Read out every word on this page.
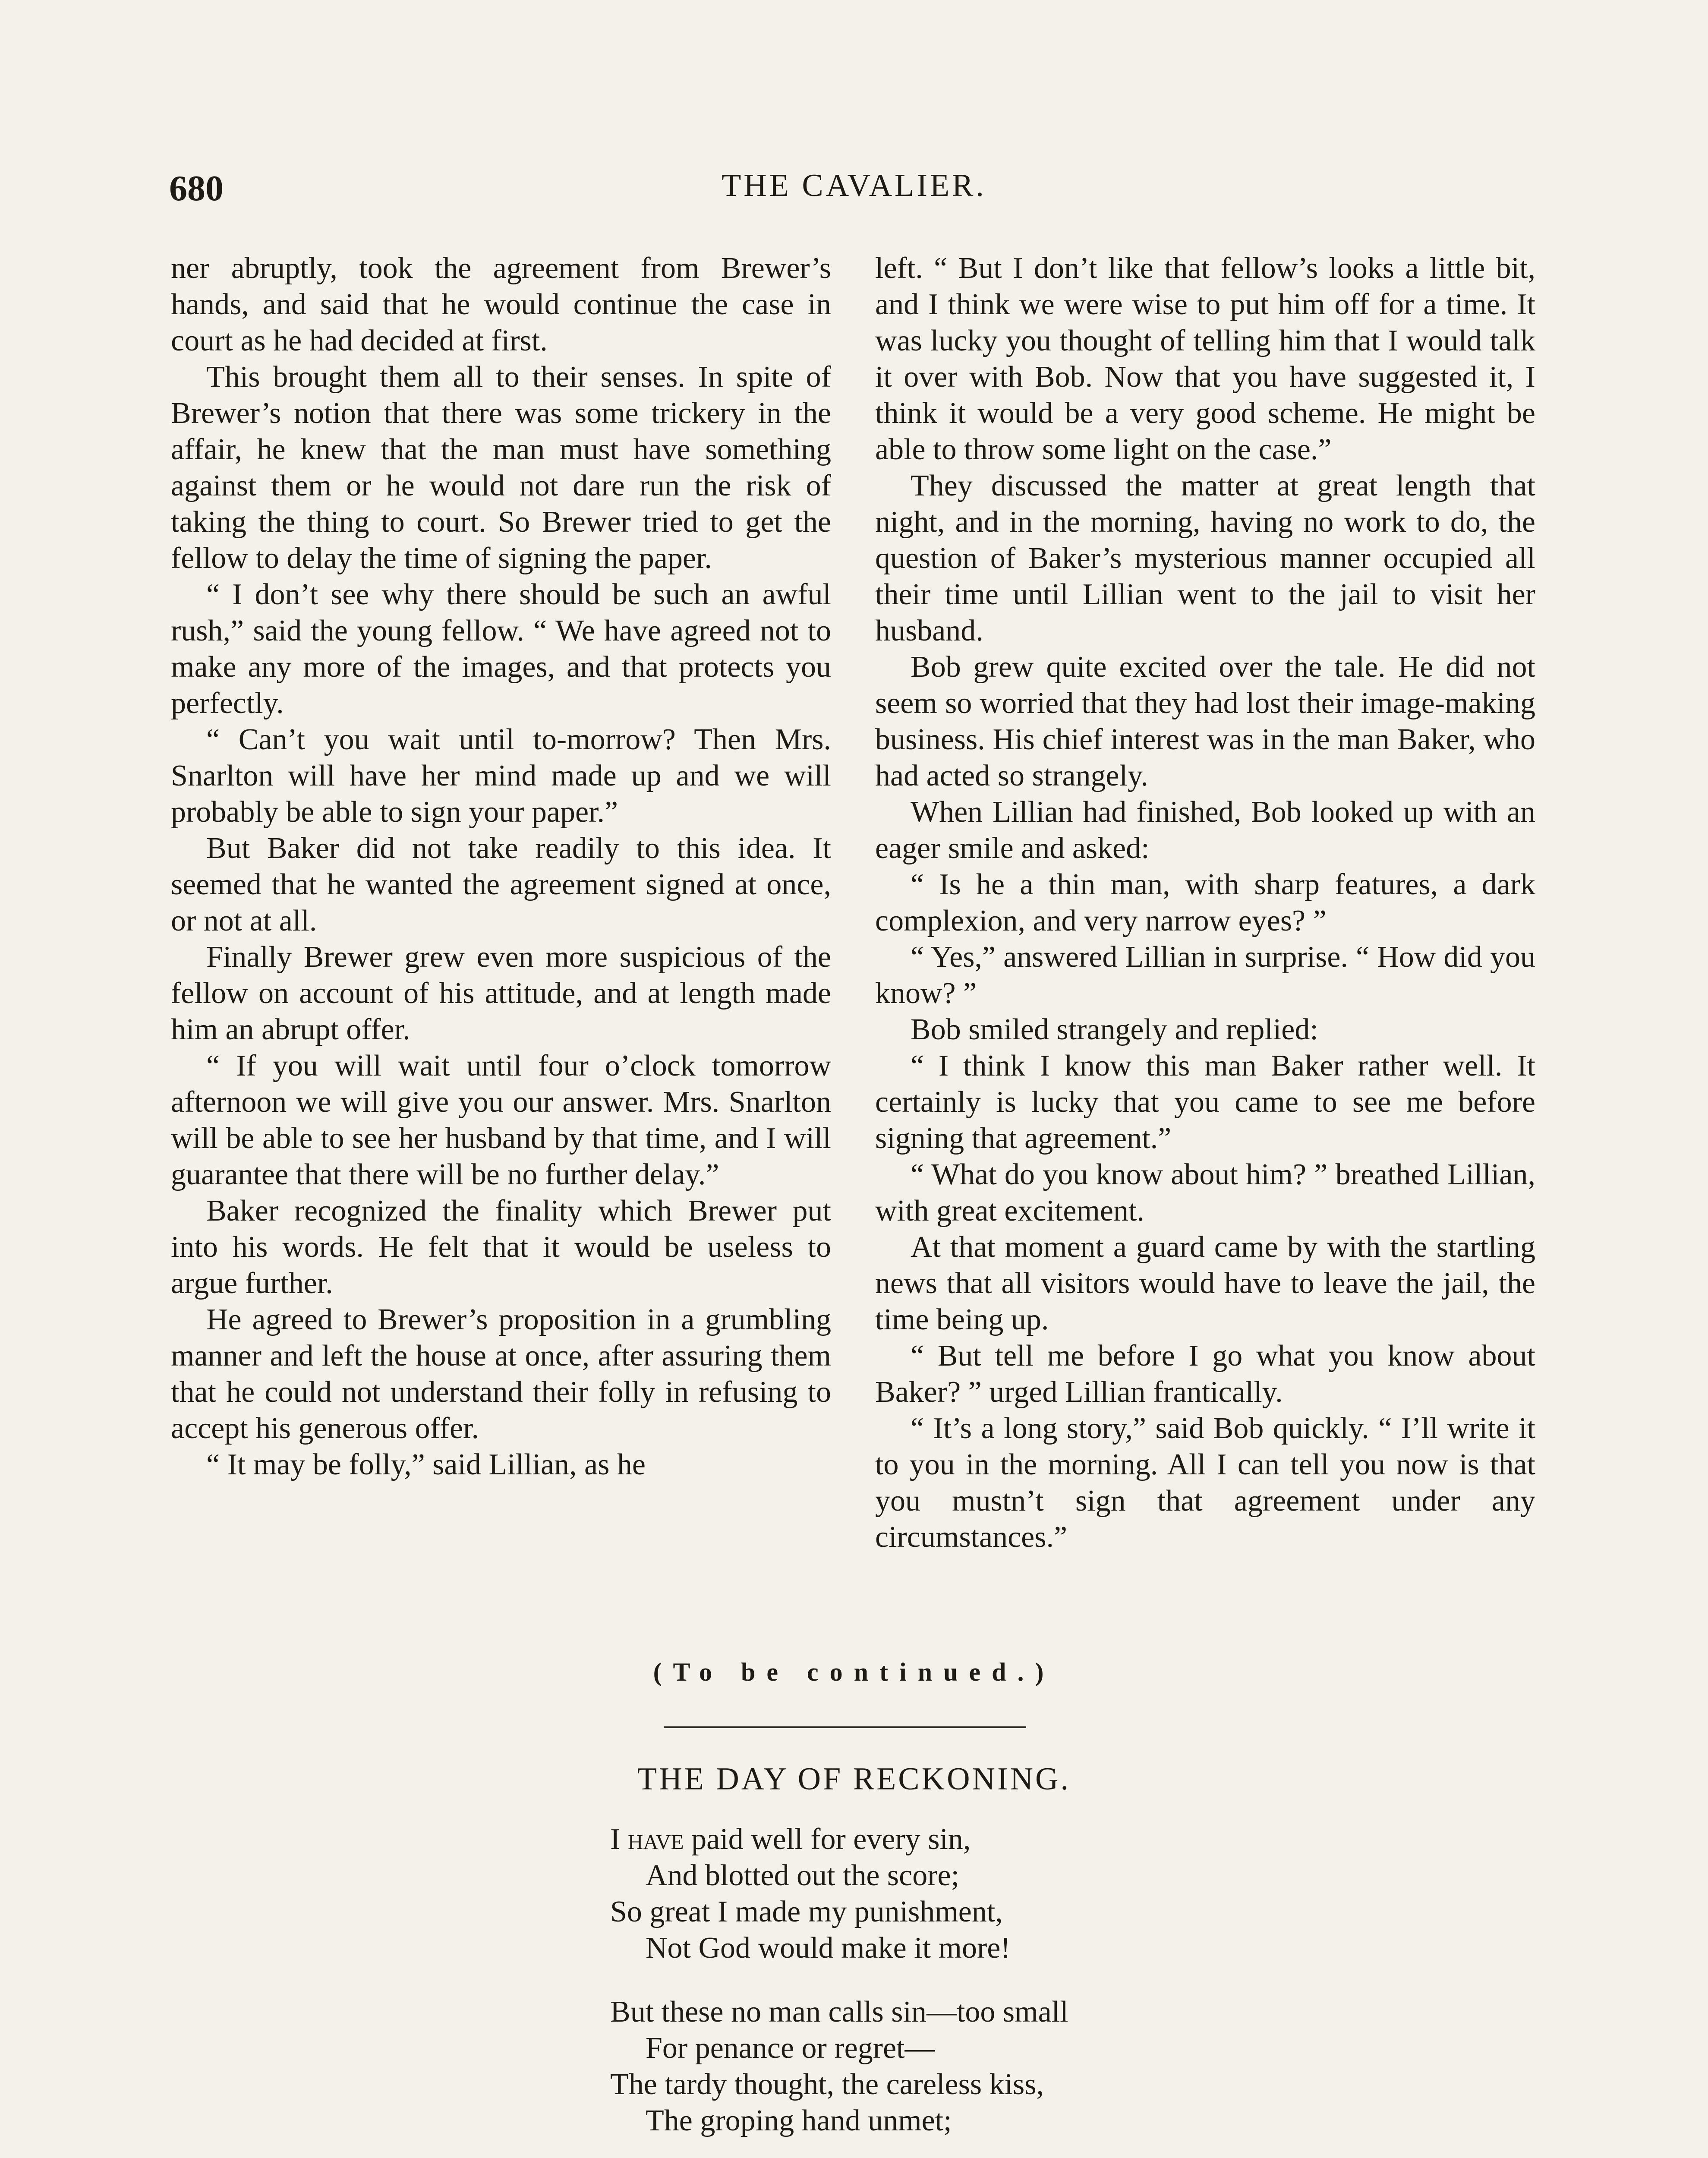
680	THE CAVALIER.

ner abruptly, took the agreement from Brewer’s hands, and said that he would continue the case in court as he had decided at first.

This brought them all to their senses. In spite of Brewer’s notion that there was some trickery in the affair, he knew that the man must have something against them or he would not dare run the risk of taking the thing to court. So Brewer tried to get the fellow to delay the time of signing the paper.

“ I don’t see why there should be such an awful rush,” said the young fellow. “ We have agreed not to make any more of the images, and that protects you perfectly.

“ Can’t you wait until to-morrow? Then Mrs. Snarlton will have her mind made up and we will probably be able to sign your paper.”

But Baker did not take readily to this idea. It seemed that he wanted the agreement signed at once, or not at all.

Finally Brewer grew even more suspicious of the fellow on account of his attitude, and at length made him an abrupt offer.

“ If you will wait until four o’clock tomorrow afternoon we will give you our answer. Mrs. Snarlton will be able to see her husband by that time, and I will guarantee that there will be no further delay.”

Baker recognized the finality which Brewer put into his words. He felt that it would be useless to argue further.

He agreed to Brewer’s proposition in a grumbling manner and left the house at once, after assuring them that he could not understand their folly in refusing to accept his generous offer.

“ It may be folly,” said Lillian, as he

left. “ But I don’t like that fellow’s looks a little bit, and I think we were wise to put him off for a time. It was lucky you thought of telling him that I would talk it over with Bob. Now that you have suggested it, I think it would be a very good scheme. He might be able to throw some light on the case.”

They discussed the matter at great length that night, and in the morning, having no work to do, the question of Baker’s mysterious manner occupied all their time until Lillian went to the jail to visit her husband.

Bob grew quite excited over the tale. He did not seem so worried that they had lost their image-making business. His chief interest was in the man Baker, who had acted so strangely.

When Lillian had finished, Bob looked up with an eager smile and asked:

“ Is he a thin man, with sharp features, a dark complexion, and very narrow eyes? ”

“ Yes,” answered Lillian in surprise. “ How did you know? ”

Bob smiled strangely and replied:

“ I think I know this man Baker rather well. It certainly is lucky that you came to see me before signing that agreement.”

“ What do you know about him? ” breathed Lillian, with great excitement.

At that moment a guard came by with the startling news that all visitors would have to leave the jail, the time being up.

“ But tell me before I go what you know about Baker? ” urged Lillian frantically.

“ It’s a long story,” said Bob quickly. “ I’ll write it to you in the morning. All I can tell you now is that you mustn’t sign that agreement under any circumstances.”

(To be continued.)
THE DAY OF RECKONING.
I have paid well for every sin,
And blotted out the score;
So great I made my punishment,
Not God would make it more!
But these no man calls sin—too small
For penance or regret—
The tardy thought, the careless kiss,
The groping hand unmet;
